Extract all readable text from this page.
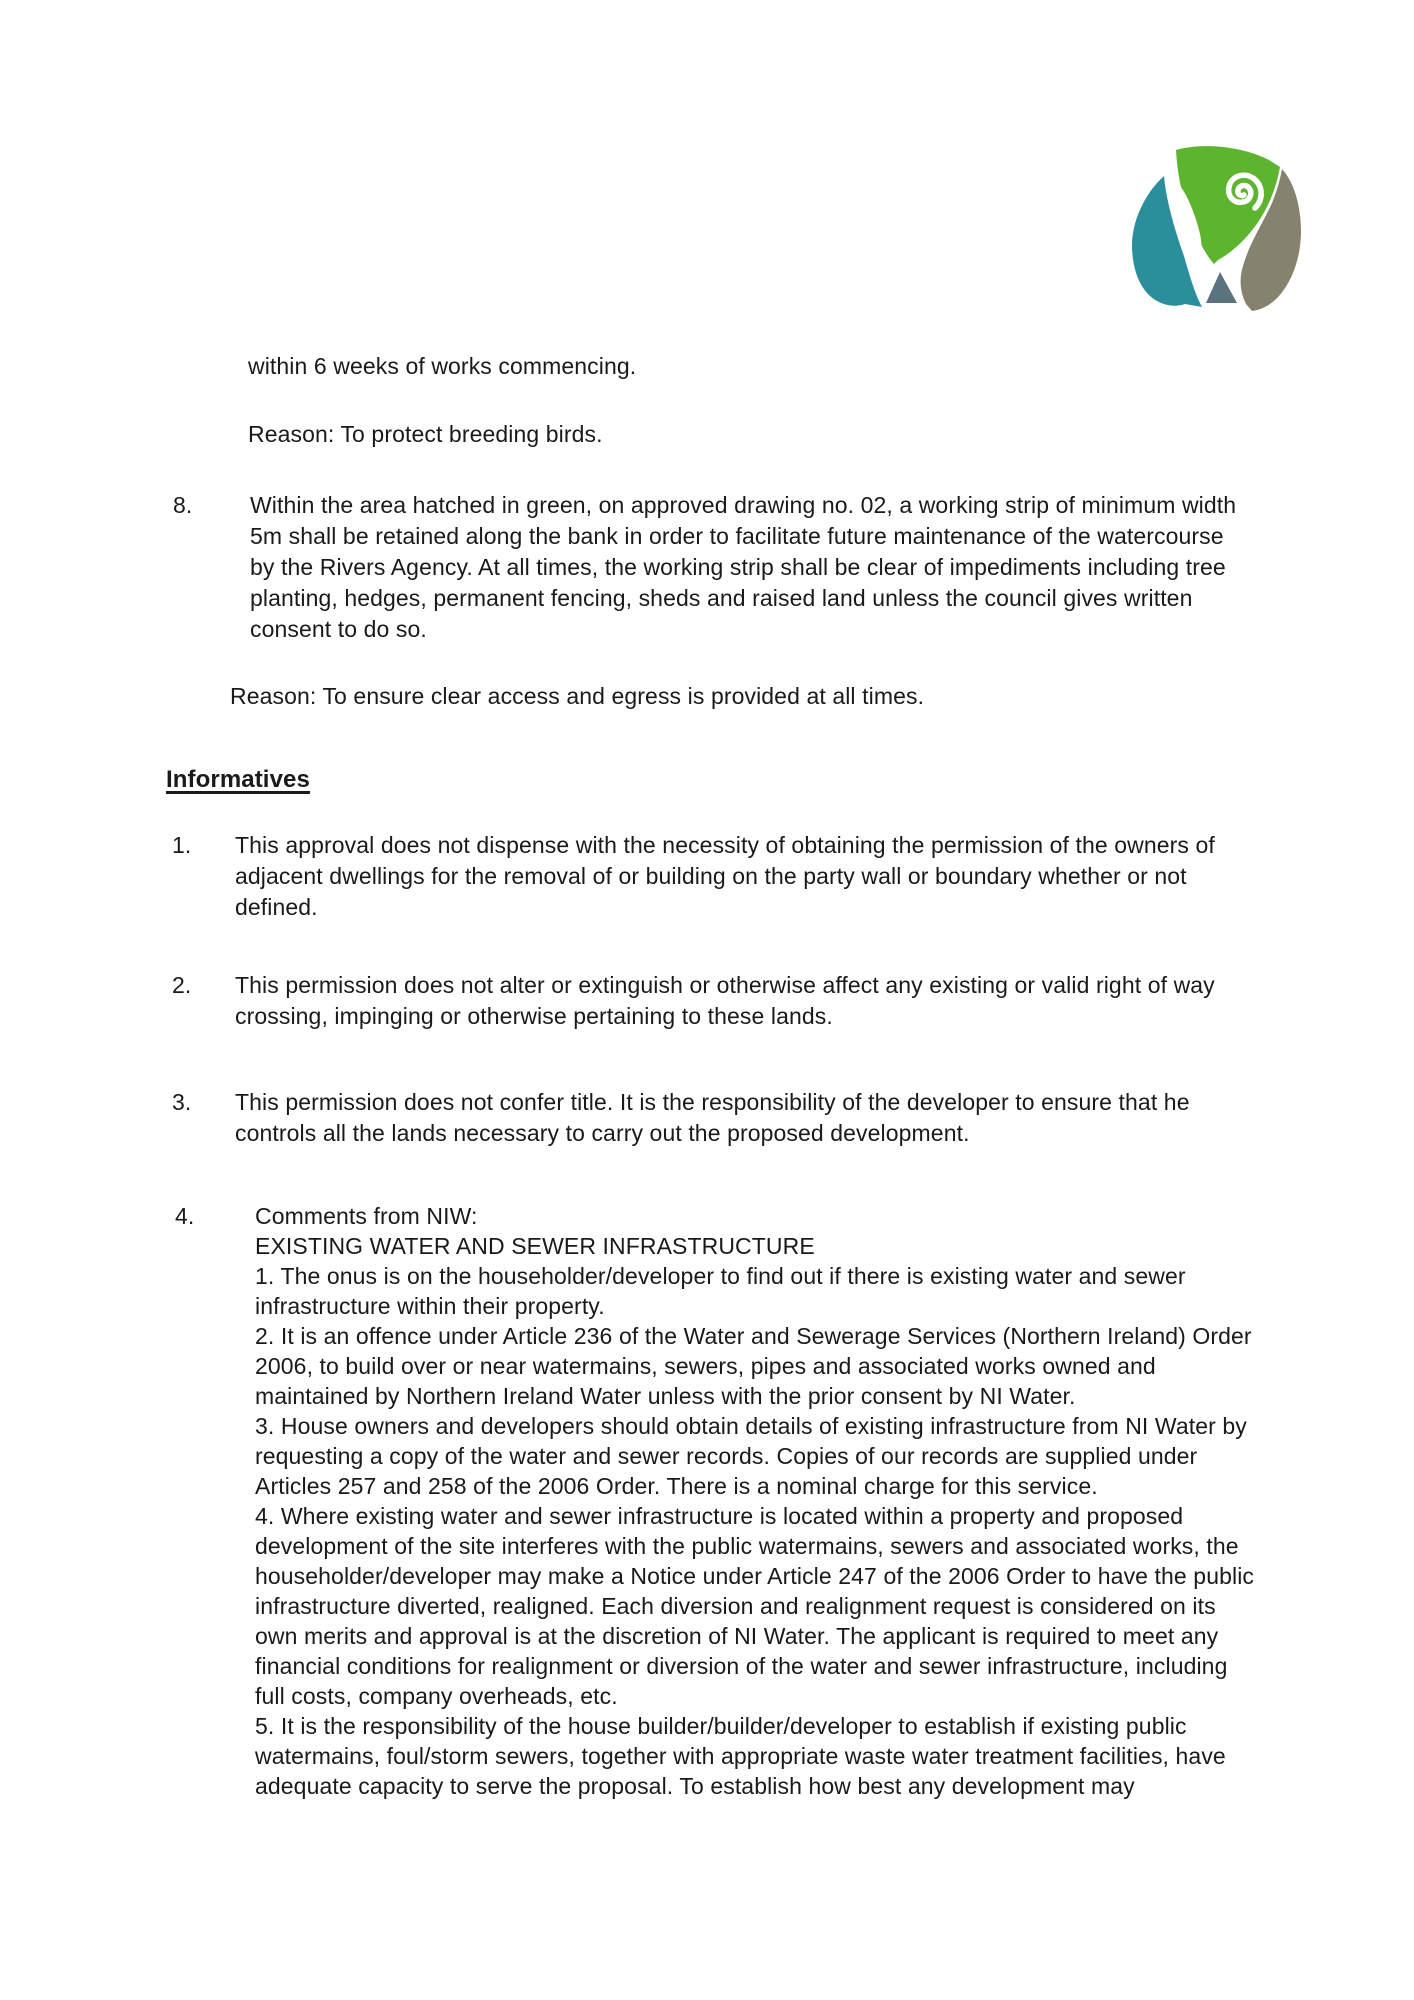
within 6 weeks of works commencing.
Reason: To protect breeding birds.
8.	Within the area hatched in green, on approved drawing no. 02, a working strip of minimum width 5m shall be retained along the bank in order to facilitate future maintenance of the watercourse by the Rivers Agency. At all times, the working strip shall be clear of impediments including tree planting, hedges, permanent fencing, sheds and raised land unless the council gives written consent to do so.
Reason: To ensure clear access and egress is provided at all times.
Informatives
1.	This approval does not dispense with the necessity of obtaining the permission of the owners of adjacent dwellings for the removal of or building on the party wall or boundary whether or not defined.
2.	This permission does not alter or extinguish or otherwise affect any existing or valid right of way crossing, impinging or otherwise pertaining to these lands.
3.	This permission does not confer title. It is the responsibility of the developer to ensure that he controls all the lands necessary to carry out the proposed development.
4.	Comments from NIW:

EXISTING WATER AND SEWER INFRASTRUCTURE

1. The onus is on the householder/developer to find out if there is existing water and sewer infrastructure within their property.

2. It is an offence under Article 236 of the Water and Sewerage Services (Northern Ireland) Order 2006, to build over or near watermains, sewers, pipes and associated works owned and maintained by Northern Ireland Water unless with the prior consent by NI Water.

3. House owners and developers should obtain details of existing infrastructure from NI Water by requesting a copy of the water and sewer records. Copies of our records are supplied under Articles 257 and 258 of the 2006 Order. There is a nominal charge for this service.

4. Where existing water and sewer infrastructure is located within a property and proposed development of the site interferes with the public watermains, sewers and associated works, the householder/developer may make a Notice under Article 247 of the 2006 Order to have the public infrastructure diverted, realigned. Each diversion and realignment request is considered on its own merits and approval is at the discretion of NI Water. The applicant is required to meet any financial conditions for realignment or diversion of the water and sewer infrastructure, including full costs, company overheads, etc.

5. It is the responsibility of the house builder/builder/developer to establish if existing public watermains, foul/storm sewers, together with appropriate waste water treatment facilities, have adequate capacity to serve the proposal. To establish how best any development may
